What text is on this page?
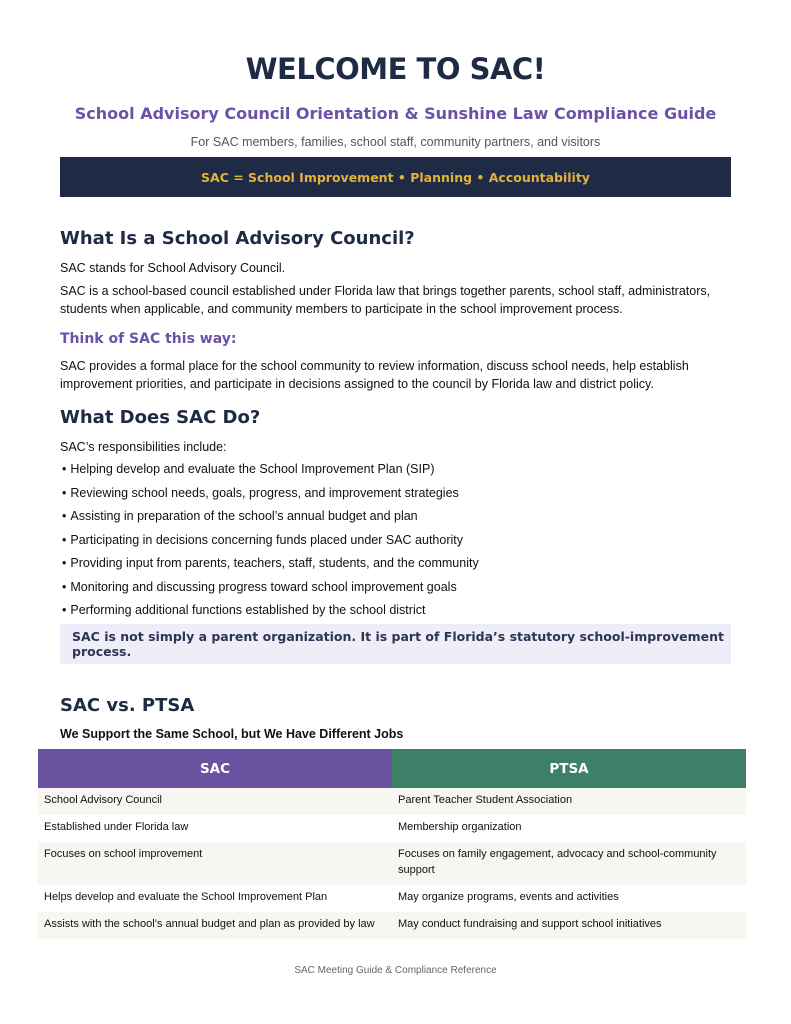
WELCOME TO SAC!
School Advisory Council Orientation & Sunshine Law Compliance Guide
For SAC members, families, school staff, community partners, and visitors
SAC = School Improvement • Planning • Accountability
What Is a School Advisory Council?
SAC stands for School Advisory Council.
SAC is a school-based council established under Florida law that brings together parents, school staff, administrators, students when applicable, and community members to participate in the school improvement process.
Think of SAC this way:
SAC provides a formal place for the school community to review information, discuss school needs, help establish improvement priorities, and participate in decisions assigned to the council by Florida law and district policy.
What Does SAC Do?
SAC’s responsibilities include:
• Helping develop and evaluate the School Improvement Plan (SIP)
• Reviewing school needs, goals, progress, and improvement strategies
• Assisting in preparation of the school’s annual budget and plan
• Participating in decisions concerning funds placed under SAC authority
• Providing input from parents, teachers, staff, students, and the community
• Monitoring and discussing progress toward school improvement goals
• Performing additional functions established by the school district
SAC is not simply a parent organization. It is part of Florida’s statutory school-improvement process.
SAC vs. PTSA
We Support the Same School, but We Have Different Jobs
SAC	PTSA
School Advisory Council	Parent Teacher Student Association
Established under Florida law	Membership organization
Focuses on school improvement	Focuses on family engagement, advocacy and school-community support
Helps develop and evaluate the School Improvement Plan	May organize programs, events and activities
Assists with the school’s annual budget and plan as provided by law	May conduct fundraising and support school initiatives
SAC Meeting Guide & Compliance Reference
